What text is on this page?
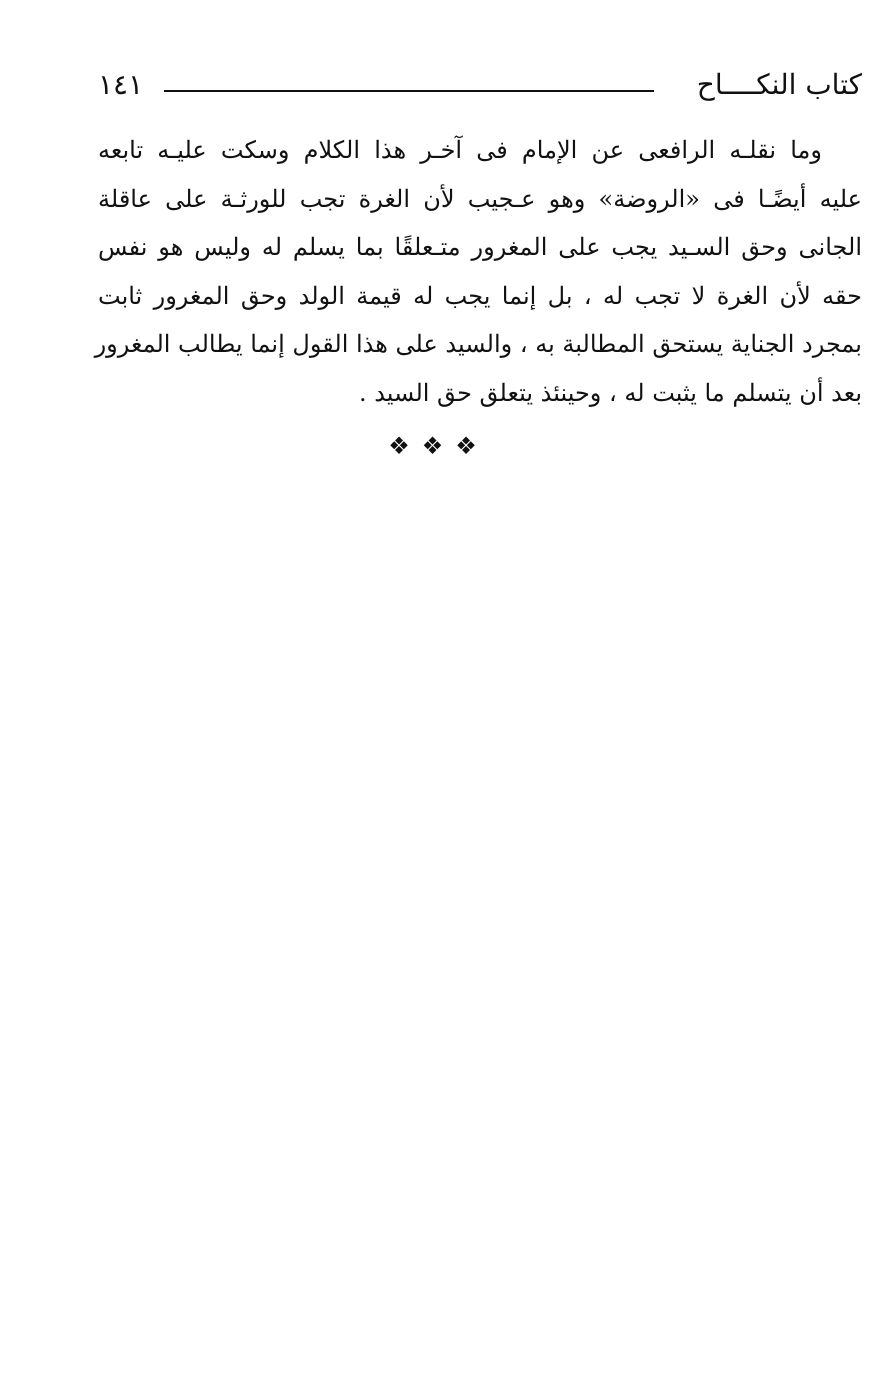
١٤١	كتاب النكــــاح
وما نقلـه الرافعى عن الإمام فى آخـر هذا الكلام وسكت عليـه تابعه
عليه أيضًـا فى «الروضة» وهو عـجيب لأن الغرة تجب للورثـة على عاقلة
الجانى وحق السـيد يجب على المغرور متـعلقًا بما يسلم له وليس هو نفس
حقه لأن الغرة لا تجب له ، بل إنما يجب له قيمة الولد وحق المغرور ثابت
بمجرد الجناية يستحق المطالبة به ، والسيد على هذا القول إنما يطالب المغرور
بعد أن يتسلم ما يثبت له ، وحينئذ يتعلق حق السيد .
❖ ❖ ❖
